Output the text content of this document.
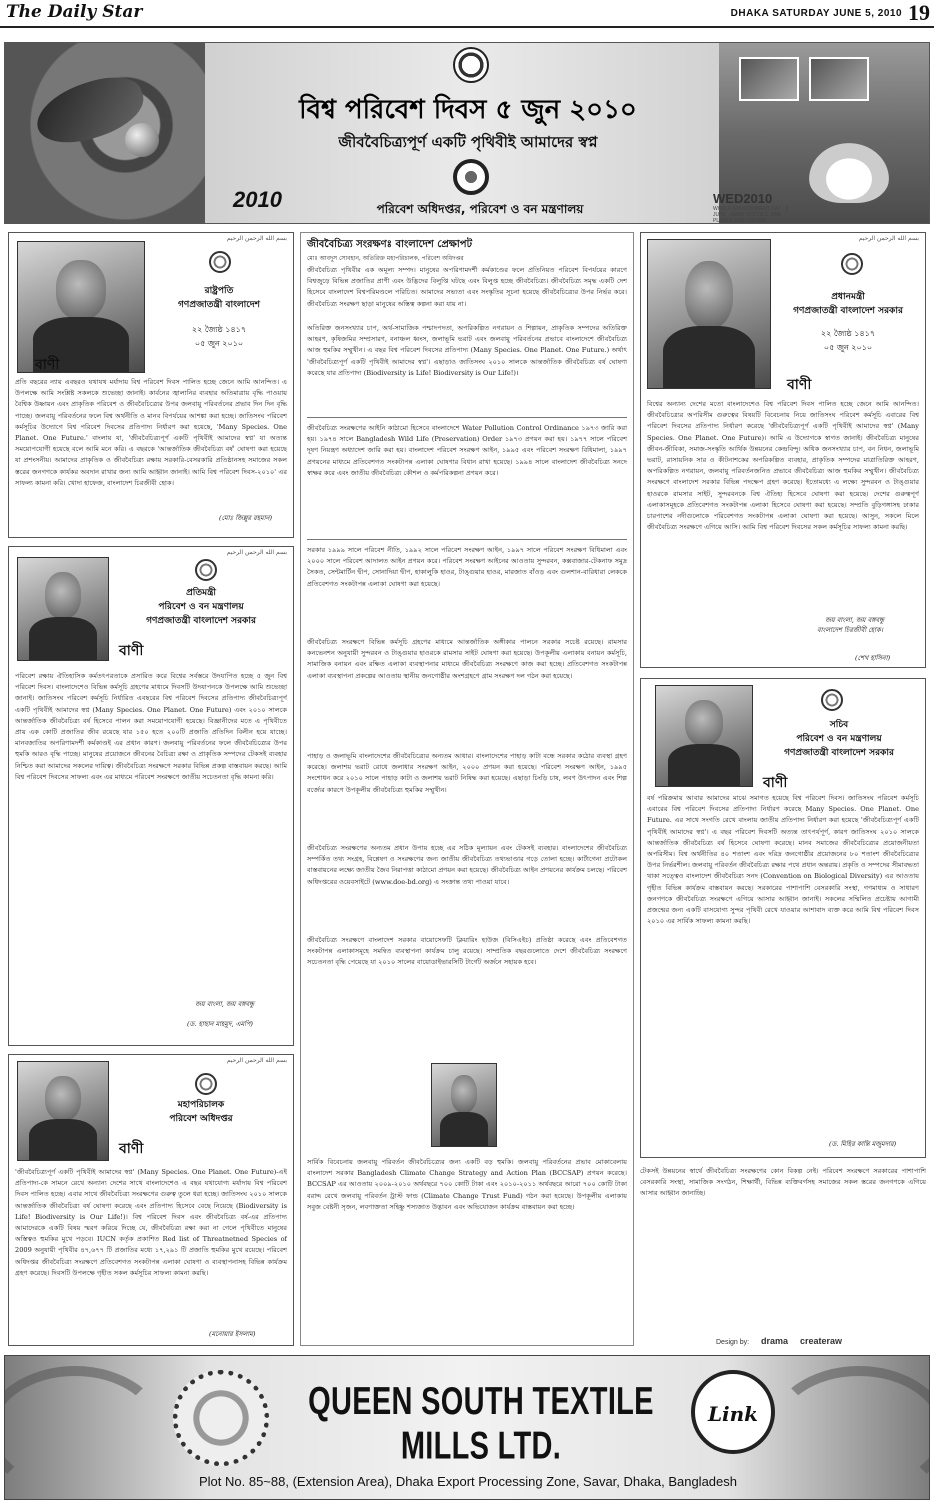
The Daily Star	DHAKA SATURDAY JUNE 5, 2010 19
বিশ্ব পরিবেশ দিবস ৫ জুন ২০১০
জীববৈচিত্র্যপূর্ণ একটি পৃথিবীই আমাদের স্বপ্ন
2010	পরিবেশ অধিদপ্তর, পরিবেশ ও বন মন্ত্রণালয়
WED2010
WORLD ENVIRONMENT DAY · 5 JUNE · MANY SPECIES. ONE PLANET. ONE FUTURE
بسم الله الرحمن الرحيم
রাষ্ট্রপতি
গণপ্রজাতন্ত্রী বাংলাদেশ
২২ জ্যৈষ্ঠ ১৪১৭
০৫ জুন ২০১০
বাণী
প্রতি বছরের ন্যায় এবছরও যথাযথ মর্যাদায় বিশ্ব পরিবেশ দিবস পালিত হচ্ছে জেনে আমি আনন্দিত। এ উপলক্ষে আমি সংশ্লিষ্ট সকলকে শুভেচ্ছা জানাই। কার্বনের জ্বালানির ব্যবহার অতিমাত্রায় বৃদ্ধি পাওয়ায় বৈশ্বিক উষ্ণায়ন এবং প্রাকৃতিক পরিবেশ ও জীববৈচিত্র্যের উপর জলবায়ু পরিবর্তনের প্রভাব দিন দিন বৃদ্ধি পাচ্ছে। জলবায়ু পরিবর্তনের ফলে বিশ্ব অর্থনীতি ও মানব বিপর্যয়ের আশঙ্কা করা হচ্ছে। জাতিসংঘ পরিবেশ কর্মসূচির উদ্যোগে বিশ্ব পরিবেশ দিবসের প্রতিপাদ্য নির্ধারণ করা হয়েছে, 'Many Species. One Planet. One Future.' বাংলায় যা, 'জীববৈচিত্র্যপূর্ণ একটি পৃথিবীই আমাদের স্বপ্ন' যা অত্যন্ত সময়োপযোগী হয়েছে বলে আমি মনে করি। এ বছরকে 'আন্তর্জাতিক জীববৈচিত্র্য বর্ষ' ঘোষণা করা হয়েছে যা প্রশংসনীয়। আমাদের প্রাকৃতিক ও জীববৈচিত্র্য রক্ষায় সরকারি-বেসরকারি প্রতিষ্ঠানসহ সমাজের সকল স্তরের জনগণকে কার্যকর অবদান রাখার জন্য আমি আহ্বান জানাই। আমি বিশ্ব পরিবেশ দিবস-২০১০' এর সাফল্য কামনা করি। খোদা হাফেজ, বাংলাদেশ চিরজীবী হোক।
(মোঃ জিল্লুর রহমান)
بسم الله الرحمن الرحيم
প্রতিমন্ত্রী
পরিবেশ ও বন মন্ত্রণালয়
গণপ্রজাতন্ত্রী বাংলাদেশ সরকার
বাণী
পরিবেশ রক্ষায় ঐতিহাসিক কর্মতৎপরতাকে প্রসারিত করে বিশ্বের সর্বস্তরে উদযাপিত হচ্ছে ৫ জুন বিশ্ব পরিবেশ দিবস। বাংলাদেশেও বিভিন্ন কর্মসূচি গ্রহণের মাধ্যমে দিবসটি উদযাপনকে উপলক্ষে আমি শুভেচ্ছা জানাই। জাতিসংঘ পরিবেশ কর্মসূচি নির্ধারিত এবছরের বিশ্ব পরিবেশ দিবসের প্রতিপাদ্য জীববৈচিত্র্যপূর্ণ একটি পৃথিবীই আমাদের স্বপ্ন (Many Species. One Planet. One Future) এবং ২০১০ সালকে আন্তর্জাতিক জীববৈচিত্র্য বর্ষ হিসেবে পালন করা সময়োপযোগী হয়েছে। বিজ্ঞানীদের মতে এ পৃথিবীতে প্রায় এক কোটি প্রজাতির জীব রয়েছে যার ১৫০ হতে ২০০টি প্রজাতি প্রতিদিন বিলীন হয়ে যাচ্ছে। মানবজাতির অপরিণামদর্শী কর্মকাণ্ডই এর প্রধান কারণ। জলবায়ু পরিবর্তনের ফলে জীববৈচিত্র্যের উপর হুমকি আরও বৃদ্ধি পাচ্ছে। মানুষের প্রয়োজনে জীবনের বৈচিত্র্য রক্ষা ও প্রাকৃতিক সম্পদের টেকসই ব্যবহার নিশ্চিত করা আমাদের সকলের দায়িত্ব। জীববৈচিত্র্য সংরক্ষণে সরকার বিভিন্ন প্রকল্প বাস্তবায়ন করছে। আমি বিশ্ব পরিবেশ দিবসের সাফল্য এবং এর মাধ্যমে পরিবেশ সংরক্ষণে জাতীয় সচেতনতা বৃদ্ধি কামনা করি।
জয় বাংলা, জয় বঙ্গবন্ধু
(ড. হাছান মাহমুদ, এমপি)
بسم الله الرحمن الرحيم
মহাপরিচালক
পরিবেশ অধিদপ্তর
বাণী
'জীববৈচিত্র্যপূর্ণ একটি পৃথিবীই আমাদের স্বপ্ন' (Many Species. One Planet. One Future)-এই প্রতিপাদ্য-কে সামনে রেখে অন্যান্য দেশের সাথে বাংলাদেশেও এ বছর যথাযোগ্য মর্যাদায় বিশ্ব পরিবেশ দিবস পালিত হচ্ছে। এবার সাথে জীববৈচিত্র্য সংরক্ষণের গুরুত্ব তুলে ধরা হচ্ছে। জাতিসংঘ ২০১০ সালকে আন্তর্জাতিক জীববৈচিত্র্য বর্ষ ঘোষণা করেছে এবং প্রতিপাদ্য হিসেবে বেছে নিয়েছে (Biodiversity is Life! Biodiversity is Our Life!)। বিশ্ব পরিবেশ দিবস এবং জীববৈচিত্র্য বর্ষ-এর প্রতিপাদ্য আমাদেরকে একটি বিষয় স্মরণ করিয়ে দিচ্ছে যে, জীববৈচিত্র্য রক্ষা করা না গেলে পৃথিবীতে মানুষের অস্তিত্বও হুমকির মুখে পড়বে। IUCN কর্তৃক প্রকাশিত Red list of Threatnetned Species of 2009 অনুযায়ী পৃথিবীর ৪৭,৬৭৭ টি প্রজাতির মধ্যে ১৭,২৯১ টি প্রজাতি হুমকির মুখে রয়েছে। পরিবেশ অধিদপ্তর জীববৈচিত্র্য সংরক্ষণে প্রতিবেশগত সংকটাপন্ন এলাকা ঘোষণা ও ব্যবস্থাপনাসহ বিভিন্ন কার্যক্রম গ্রহণ করেছে। দিবসটি উপলক্ষে গৃহীত সকল কর্মসূচির সাফল্য কামনা করছি।
(মনোয়ার ইসলাম)
জীববৈচিত্র্য সংরক্ষণঃ বাংলাদেশ প্রেক্ষাপট
মোঃ আবদুস সোবহান, অতিরিক্ত মহাপরিচালক, পরিবেশ অধিদপ্তর
জীববৈচিত্র্য পৃথিবীর এক অমূল্য সম্পদ। মানুষের অপরিণামদর্শী কর্মকাণ্ডের ফলে প্রতিনিয়ত পরিবেশ বিপর্যয়ের কারণে বিশ্বজুড়ে বিভিন্ন প্রজাতির প্রাণী এবং উদ্ভিদের বিলুপ্তি ঘটছে এবং বিলুপ্ত হচ্ছে জীববৈচিত্র্য। জীববৈচিত্র্য সমৃদ্ধ একটি দেশ হিসেবে বাংলাদেশ বিশ্বপরিমণ্ডলে পরিচিত। আমাদের সভ্যতা এবং সংস্কৃতির সূচনা হয়েছে জীববৈচিত্র্যের উপর নির্ভর করে। জীববৈচিত্র্য সংরক্ষণ ছাড়া মানুষের অস্তিত্ব কল্পনা করা যায় না।
অতিরিক্ত জনসংখ্যার চাপ, অর্থ-সামাজিক পশ্চাদপদতা, অপরিকল্পিত নগরায়ন ও শিল্পায়ন, প্রাকৃতিক সম্পদের অতিরিক্ত আহরণ, কৃষিজমির সম্প্রসারণ, বনাঞ্চল ধ্বংস, জলাভূমি ভরাট এবং জলবায়ু পরিবর্তনের প্রভাবে বাংলাদেশে জীববৈচিত্র্য আজ হুমকির সম্মুখীন। এ বছর বিশ্ব পরিবেশ দিবসের প্রতিপাদ্য (Many Species. One Planet. One Future.) অর্থাৎ 'জীববৈচিত্র্যপূর্ণ একটি পৃথিবীই আমাদের স্বপ্ন'। এছাড়াও জাতিসংঘ ২০১০ সালকে আন্তর্জাতিক জীববৈচিত্র্য বর্ষ ঘোষণা করেছে যার প্রতিপাদ্য (Biodiversity is Life! Biodiversity is Our Life!)।
জীববৈচিত্র্য সংরক্ষণের আইনি কাঠামো হিসেবে বাংলাদেশে Water Pollution Control Ordinance ১৯৭৩ জারি করা হয়। ১৯৭৪ সালে Bangladesh Wild Life (Preservation) Order ১৯৭৩ প্রণয়ন করা হয়। ১৯৭৭ সালে পরিবেশ দূষণ নিয়ন্ত্রণ অধ্যাদেশ জারি করা হয়। বাংলাদেশ পরিবেশ সংরক্ষণ আইন, ১৯৯৫ এবং পরিবেশ সংরক্ষণ বিধিমালা, ১৯৯৭ প্রণয়নের মাধ্যমে প্রতিবেশগত সংকটাপন্ন এলাকা ঘোষণার বিধান রাখা হয়েছে। ১৯৯৪ সালে বাংলাদেশ জীববৈচিত্র্য সনদে স্বাক্ষর করে এবং জাতীয় জীববৈচিত্র্য কৌশল ও কর্মপরিকল্পনা প্রণয়ন করে।
সরকার ১৯৯৯ সালে পরিবেশ নীতি, ১৯৯২ সালে পরিবেশ সংরক্ষণ আইন, ১৯৯৭ সালে পরিবেশ সংরক্ষণ বিধিমালা এবং ২০০০ সালে পরিবেশ আদালত আইন প্রণয়ন করে। পরিবেশ সংরক্ষণ আইনের আওতায় সুন্দরবন, কক্সবাজার-টেকনাফ সমুদ্র সৈকত, সেন্টমার্টিন দ্বীপ, সোনাদিয়া দ্বীপ, হাকালুকি হাওর, টাঙ্গুয়ার হাওর, মারজাত বাঁওড় এবং গুলশান-বারিধারা লেককে প্রতিবেশগত সংকটাপন্ন এলাকা ঘোষণা করা হয়েছে।
জীববৈচিত্র্য সংরক্ষণে বিভিন্ন কর্মসূচি গ্রহণের মাধ্যমে আন্তর্জাতিক অঙ্গীকার পালনে সরকার সচেষ্ট রয়েছে। রামসার কনভেনশন অনুযায়ী সুন্দরবন ও টাঙ্গুয়ার হাওরকে রামসার সাইট ঘোষণা করা হয়েছে। উপকূলীয় এলাকায় বনায়ন কর্মসূচি, সামাজিক বনায়ন এবং রক্ষিত এলাকা ব্যবস্থাপনার মাধ্যমে জীববৈচিত্র্য সংরক্ষণে কাজ করা হচ্ছে। প্রতিবেশগত সংকটাপন্ন এলাকা ব্যবস্থাপনা প্রকল্পের আওতায় স্থানীয় জনগোষ্ঠীর অংশগ্রহণে গ্রাম সংরক্ষণ দল গঠন করা হয়েছে।
পাহাড় ও জলাভূমি বাংলাদেশের জীববৈচিত্র্যের অন্যতম আধার। বাংলাদেশের পাহাড় কাটা বন্ধে সরকার কঠোর ব্যবস্থা গ্রহণ করেছে। জলাশয় ভরাট রোধে জলাধার সংরক্ষণ আইন, ২০০০ প্রণয়ন করা হয়েছে। পরিবেশ সংরক্ষণ আইন, ১৯৯৫ সংশোধন করে ২০১০ সালে পাহাড় কাটা ও জলাশয় ভরাট নিষিদ্ধ করা হয়েছে। এছাড়া চিংড়ি চাষ, লবণ উৎপাদন এবং শিল্প বর্জ্যের কারণে উপকূলীয় জীববৈচিত্র্য হুমকির সম্মুখীন।
জীববৈচিত্র্য সংরক্ষণের অন্যতম প্রধান উপায় হচ্ছে এর সঠিক মূল্যায়ন এবং টেকসই ব্যবহার। বাংলাদেশের জীববৈচিত্র্য সম্পর্কিত তথ্য সংগ্রহ, বিশ্লেষণ ও সংরক্ষণের জন্য জাতীয় জীববৈচিত্র্য তথ্যভাণ্ডার গড়ে তোলা হচ্ছে। কার্টাগেনা প্রটোকল বাস্তবায়নের লক্ষ্যে জাতীয় জৈব নিরাপত্তা কাঠামো প্রণয়ন করা হয়েছে। জীববৈচিত্র্য আইন প্রণয়নের কার্যক্রম চলছে। পরিবেশ অধিদপ্তরের ওয়েবসাইটে (www.doe-bd.org) এ সংক্রান্ত তথ্য পাওয়া যাবে।
জীববৈচিত্র্য সংরক্ষণে বাংলাদেশ সরকার বায়োসেফটি ক্লিয়ারিং হাউজ (বিসিএইচ) প্রতিষ্ঠা করেছে এবং প্রতিবেশগত সংকটাপন্ন এলাকাসমূহে সমন্বিত ব্যবস্থাপনা কার্যক্রম চালু রয়েছে। সাম্প্রতিক বছরগুলোতে দেশে জীববৈচিত্র্য সংরক্ষণে সচেতনতা বৃদ্ধি পেয়েছে যা ২০১০ সালের বায়োডাইভারসিটি টার্গেট অর্জনে সহায়ক হবে।
সার্বিক বিবেচনায় জলবায়ু পরিবর্তন জীববৈচিত্র্যের জন্য একটি বড় হুমকি। জলবায়ু পরিবর্তনের প্রভাব মোকাবেলায় বাংলাদেশ সরকার Bangladesh Climate Change Strategy and Action Plan (BCCSAP) প্রণয়ন করেছে। BCCSAP এর আওতায় ২০০৯-২০১০ অর্থবছরে ৭০০ কোটি টাকা এবং ২০১০-২০১১ অর্থবছরে আরো ৭০০ কোটি টাকা বরাদ্দ রেখে জলবায়ু পরিবর্তন ট্রাস্ট ফান্ড (Climate Change Trust Fund) গঠন করা হয়েছে। উপকূলীয় এলাকায় সবুজ বেষ্টনী সৃজন, লবণাক্ততা সহিষ্ণু শস্যজাত উদ্ভাবন এবং অভিযোজন কার্যক্রম বাস্তবায়ন করা হচ্ছে।
টেকসই উন্নয়নের স্বার্থে জীববৈচিত্র্য সংরক্ষণের কোন বিকল্প নেই। পরিবেশ সংরক্ষণে সরকারের পাশাপাশি বেসরকারি সংস্থা, সামাজিক সংগঠন, শিক্ষার্থী, বিভিন্ন ব্যক্তিবর্গসহ সমাজের সকল স্তরের জনগণকে এগিয়ে আসার আহ্বান জানাচ্ছি।
بسم الله الرحمن الرحيم
প্রধানমন্ত্রী
গণপ্রজাতন্ত্রী বাংলাদেশ সরকার
২২ জ্যৈষ্ঠ ১৪১৭
০৫ জুন ২০১০
বাণী
বিশ্বের অন্যান্য দেশের মতো বাংলাদেশেও বিশ্ব পরিবেশ দিবস পালিত হচ্ছে জেনে আমি আনন্দিত। জীববৈচিত্র্যের অপরিসীম গুরুত্বের বিষয়টি বিবেচনায় নিয়ে জাতিসংঘ পরিবেশ কর্মসূচি এবারের বিশ্ব পরিবেশ দিবসের প্রতিপাদ্য নির্ধারণ করেছে 'জীববৈচিত্র্যপূর্ণ একটি পৃথিবীই আমাদের স্বপ্ন' (Many Species. One Planet. One Future)। আমি এ উদ্যোগকে স্বাগত জানাই। জীববৈচিত্র্য মানুষের জীবন-জীবিকা, সমাজ-সংস্কৃতি আর্থিক উন্নয়নের কেন্দ্রবিন্দু। অধিক জনসংখ্যার চাপ, বন নিধন, জলাভূমি ভরাট, রাসায়নিক সার ও কীটনাশকের অপরিকল্পিত ব্যবহার, প্রাকৃতিক সম্পদের মাত্রাতিরিক্ত আহরণ, অপরিকল্পিত নগরায়ন, জলবায়ু পরিবর্তনজনিত প্রভাবে জীববৈচিত্র্য আজ হুমকির সম্মুখীন। জীববৈচিত্র্য সংরক্ষণে বাংলাদেশ সরকার বিভিন্ন পদক্ষেপ গ্রহণ করেছে। ইতোমধ্যে এ লক্ষ্যে সুন্দরবন ও টাঙ্গুয়ার হাওরকে রামসার সাইট, সুন্দরবনকে বিশ্ব ঐতিহ্য হিসেবে ঘোষণা করা হয়েছে। দেশের গুরুত্বপূর্ণ এলাকাসমূহকে প্রতিবেশগত সংকটাপন্ন এলাকা হিসেবে ঘোষণা করা হয়েছে। সম্প্রতি বুড়িগঙ্গাসহ ঢাকার চারপাশের নদীগুলোকে পরিবেশগত সংকটাপন্ন এলাকা ঘোষণা করা হয়েছে। আসুন, সকলে মিলে জীববৈচিত্র্য সংরক্ষণে এগিয়ে আসি। আমি বিশ্ব পরিবেশ দিবসের সকল কর্মসূচির সাফল্য কামনা করছি।
জয় বাংলা, জয় বঙ্গবন্ধু
বাংলাদেশ চিরজীবী হোক।
(শেখ হাসিনা)
সচিব
পরিবেশ ও বন মন্ত্রণালয়
গণপ্রজাতন্ত্রী বাংলাদেশ সরকার
বাণী
বর্ষ পরিক্রমায় আবার আমাদের মাঝে সমাগত হয়েছে বিশ্ব পরিবেশ দিবস। জাতিসংঘ পরিবেশ কর্মসূচি এবারের বিশ্ব পরিবেশ দিবসের প্রতিপাদ্য নির্ধারণ করেছে Many Species. One Planet. One Future. এর সাথে সংগতি রেখে বাংলায় জাতীয় প্রতিপাদ্য নির্ধারণ করা হয়েছে 'জীববৈচিত্র্যপূর্ণ একটি পৃথিবীই আমাদের স্বপ্ন'। এ বছর পরিবেশ দিবসটি অত্যন্ত তাৎপর্যপূর্ণ, কারণ জাতিসংঘ ২০১০ সালকে আন্তর্জাতিক জীববৈচিত্র্য বর্ষ হিসেবে ঘোষণা করেছে। মানব সমাজের জীববৈচিত্র্যের প্রয়োজনীয়তা অপরিসীম। বিশ্ব অর্থনীতির ৪০ শতাংশ এবং দরিদ্র জনগোষ্ঠীর প্রয়োজনের ৮০ শতাংশ জীববৈচিত্র্যের উপর নির্ভরশীল। জলবায়ু পরিবর্তন জীববৈচিত্র্য রক্ষার পথে প্রধান অন্তরায়। প্রকৃতি ও সম্পদের সীমাবদ্ধতা থাকা সত্ত্বেও বাংলাদেশ জীববৈচিত্র্য সনদ (Convention on Biological Diversity) এর আওতায় গৃহীত বিভিন্ন কার্যক্রম বাস্তবায়ন করছে। সরকারের পাশাপাশি বেসরকারি সংস্থা, গণমাধ্যম ও সাধারণ জনগণকে জীববৈচিত্র্য সংরক্ষণে এগিয়ে আসার আহ্বান জানাই। সকলের সম্মিলিত প্রচেষ্টায় আগামী প্রজন্মের জন্য একটি বাসযোগ্য সুন্দর পৃথিবী রেখে যাওয়ার আশাবাদ ব্যক্ত করে আমি বিশ্ব পরিবেশ দিবস ২০১০ এর সার্বিক সাফল্য কামনা করছি।
(ড. মিহির কান্তি মজুমদার)
Design by: drama createraw
Link
QUEEN SOUTH TEXTILE MILLS LTD.
Plot No. 85~88, (Extension Area), Dhaka Export Processing Zone, Savar, Dhaka, Bangladesh
